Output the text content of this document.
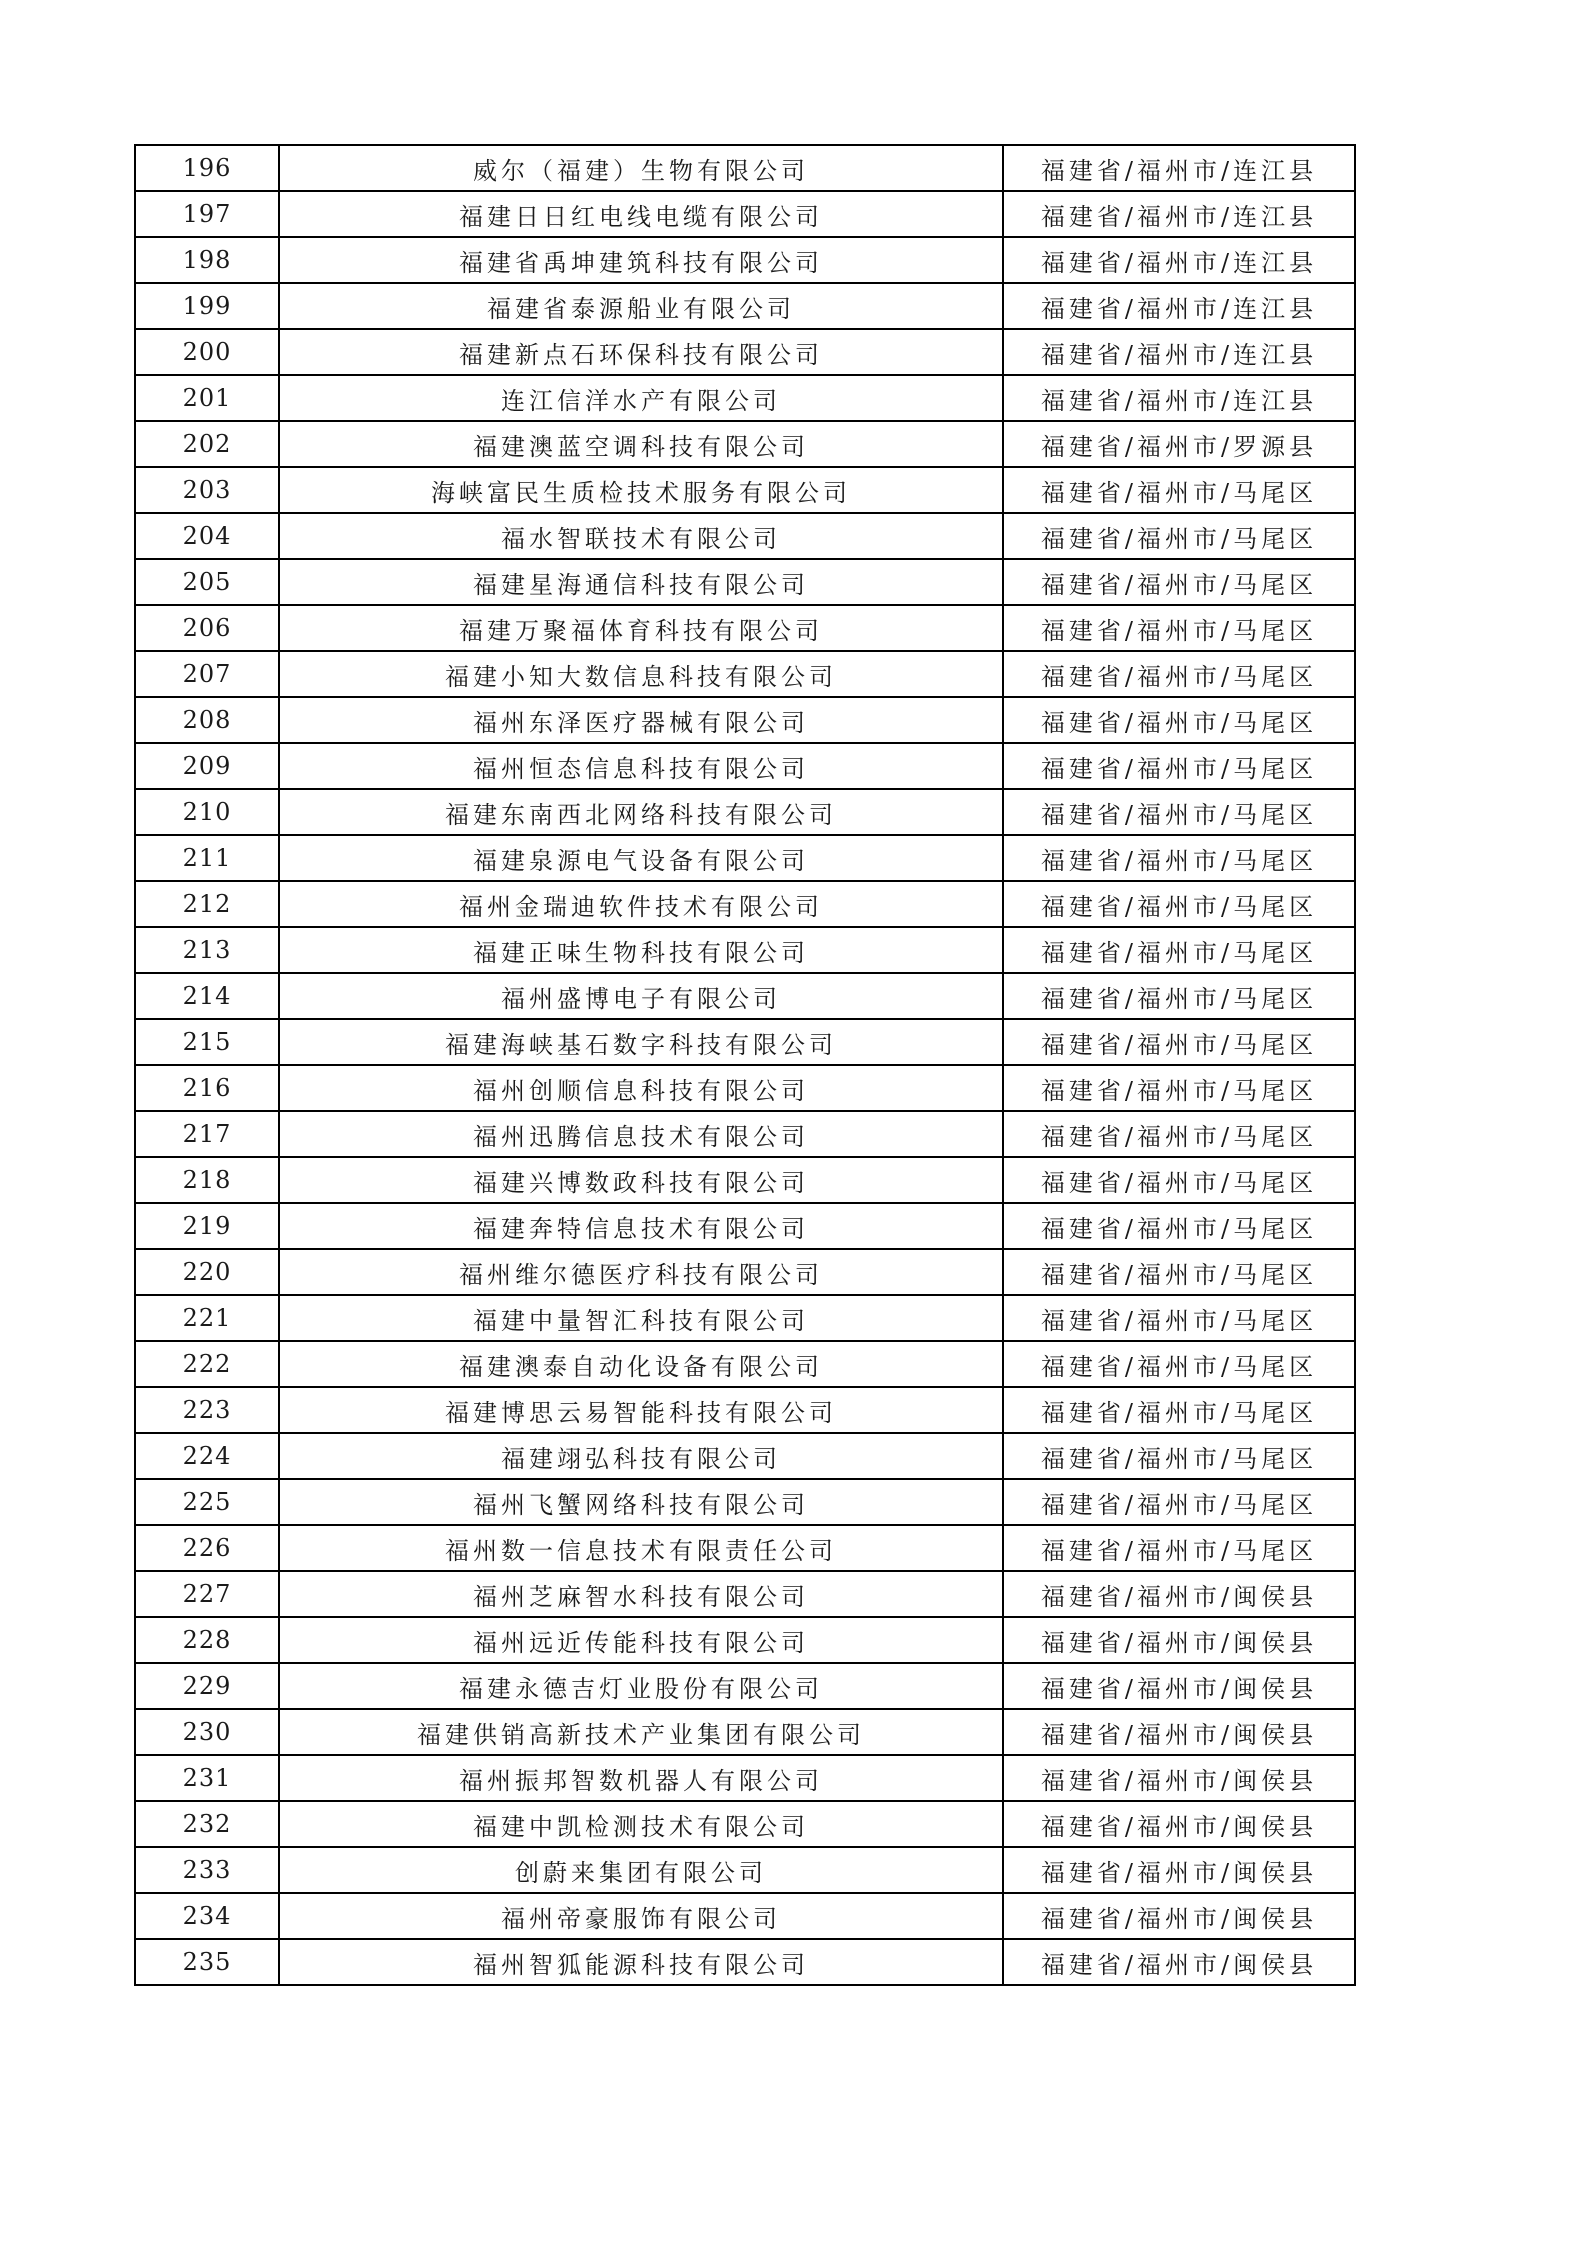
196	威尔（福建）生物有限公司	福建省/福州市/连江县
197	福建日日红电线电缆有限公司	福建省/福州市/连江县
198	福建省禹坤建筑科技有限公司	福建省/福州市/连江县
199	福建省泰源船业有限公司	福建省/福州市/连江县
200	福建新点石环保科技有限公司	福建省/福州市/连江县
201	连江信洋水产有限公司	福建省/福州市/连江县
202	福建澳蓝空调科技有限公司	福建省/福州市/罗源县
203	海峡富民生质检技术服务有限公司	福建省/福州市/马尾区
204	福水智联技术有限公司	福建省/福州市/马尾区
205	福建星海通信科技有限公司	福建省/福州市/马尾区
206	福建万聚福体育科技有限公司	福建省/福州市/马尾区
207	福建小知大数信息科技有限公司	福建省/福州市/马尾区
208	福州东泽医疗器械有限公司	福建省/福州市/马尾区
209	福州恒态信息科技有限公司	福建省/福州市/马尾区
210	福建东南西北网络科技有限公司	福建省/福州市/马尾区
211	福建泉源电气设备有限公司	福建省/福州市/马尾区
212	福州金瑞迪软件技术有限公司	福建省/福州市/马尾区
213	福建正味生物科技有限公司	福建省/福州市/马尾区
214	福州盛博电子有限公司	福建省/福州市/马尾区
215	福建海峡基石数字科技有限公司	福建省/福州市/马尾区
216	福州创顺信息科技有限公司	福建省/福州市/马尾区
217	福州迅腾信息技术有限公司	福建省/福州市/马尾区
218	福建兴博数政科技有限公司	福建省/福州市/马尾区
219	福建奔特信息技术有限公司	福建省/福州市/马尾区
220	福州维尔德医疗科技有限公司	福建省/福州市/马尾区
221	福建中量智汇科技有限公司	福建省/福州市/马尾区
222	福建澳泰自动化设备有限公司	福建省/福州市/马尾区
223	福建博思云易智能科技有限公司	福建省/福州市/马尾区
224	福建翊弘科技有限公司	福建省/福州市/马尾区
225	福州飞蟹网络科技有限公司	福建省/福州市/马尾区
226	福州数一信息技术有限责任公司	福建省/福州市/马尾区
227	福州芝麻智水科技有限公司	福建省/福州市/闽侯县
228	福州远近传能科技有限公司	福建省/福州市/闽侯县
229	福建永德吉灯业股份有限公司	福建省/福州市/闽侯县
230	福建供销高新技术产业集团有限公司	福建省/福州市/闽侯县
231	福州振邦智数机器人有限公司	福建省/福州市/闽侯县
232	福建中凯检测技术有限公司	福建省/福州市/闽侯县
233	创蔚来集团有限公司	福建省/福州市/闽侯县
234	福州帝豪服饰有限公司	福建省/福州市/闽侯县
235	福州智狐能源科技有限公司	福建省/福州市/闽侯县
